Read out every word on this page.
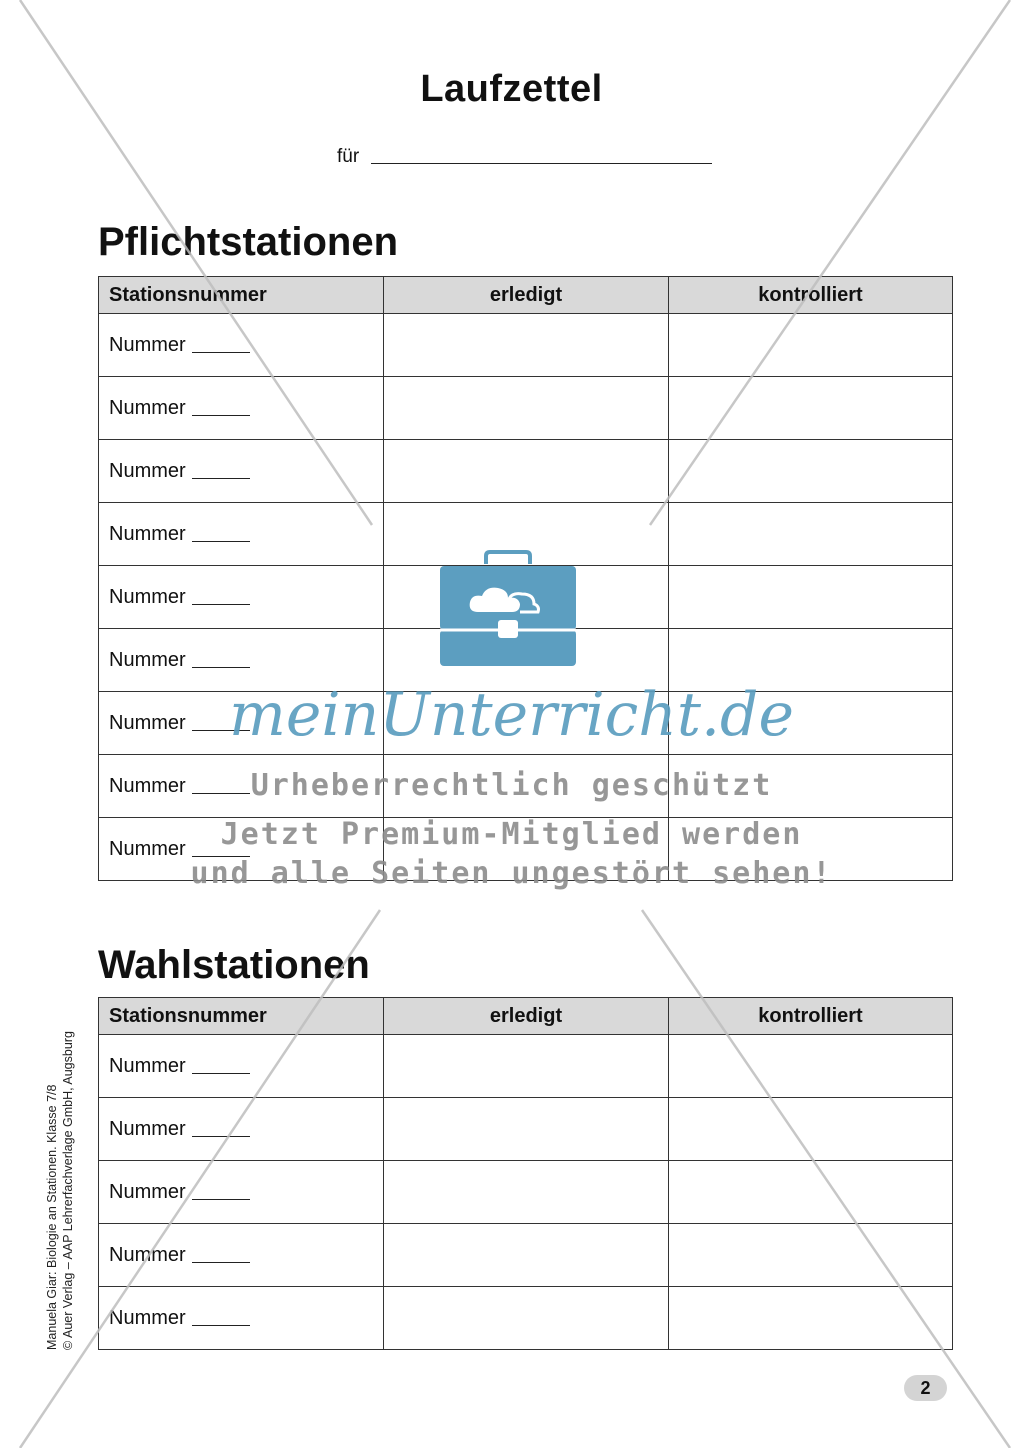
Laufzettel
für
Pflichtstationen
Stationsnummer	erledigt	kontrolliert
Nummer		
Nummer		
Nummer		
Nummer		
Nummer		
Nummer		
Nummer		
Nummer		
Nummer		
Wahlstationen
Stationsnummer	erledigt	kontrolliert
Nummer		
Nummer		
Nummer		
Nummer		
Nummer		
Manuela Giar: Biologie an Stationen. Klasse 7/8 © Auer Verlag – AAP Lehrerfachverlage GmbH, Augsburg
2
meinUnterricht.de
Urheberrechtlich geschützt
Jetzt Premium-Mitglied werden
und alle Seiten ungestört sehen!
